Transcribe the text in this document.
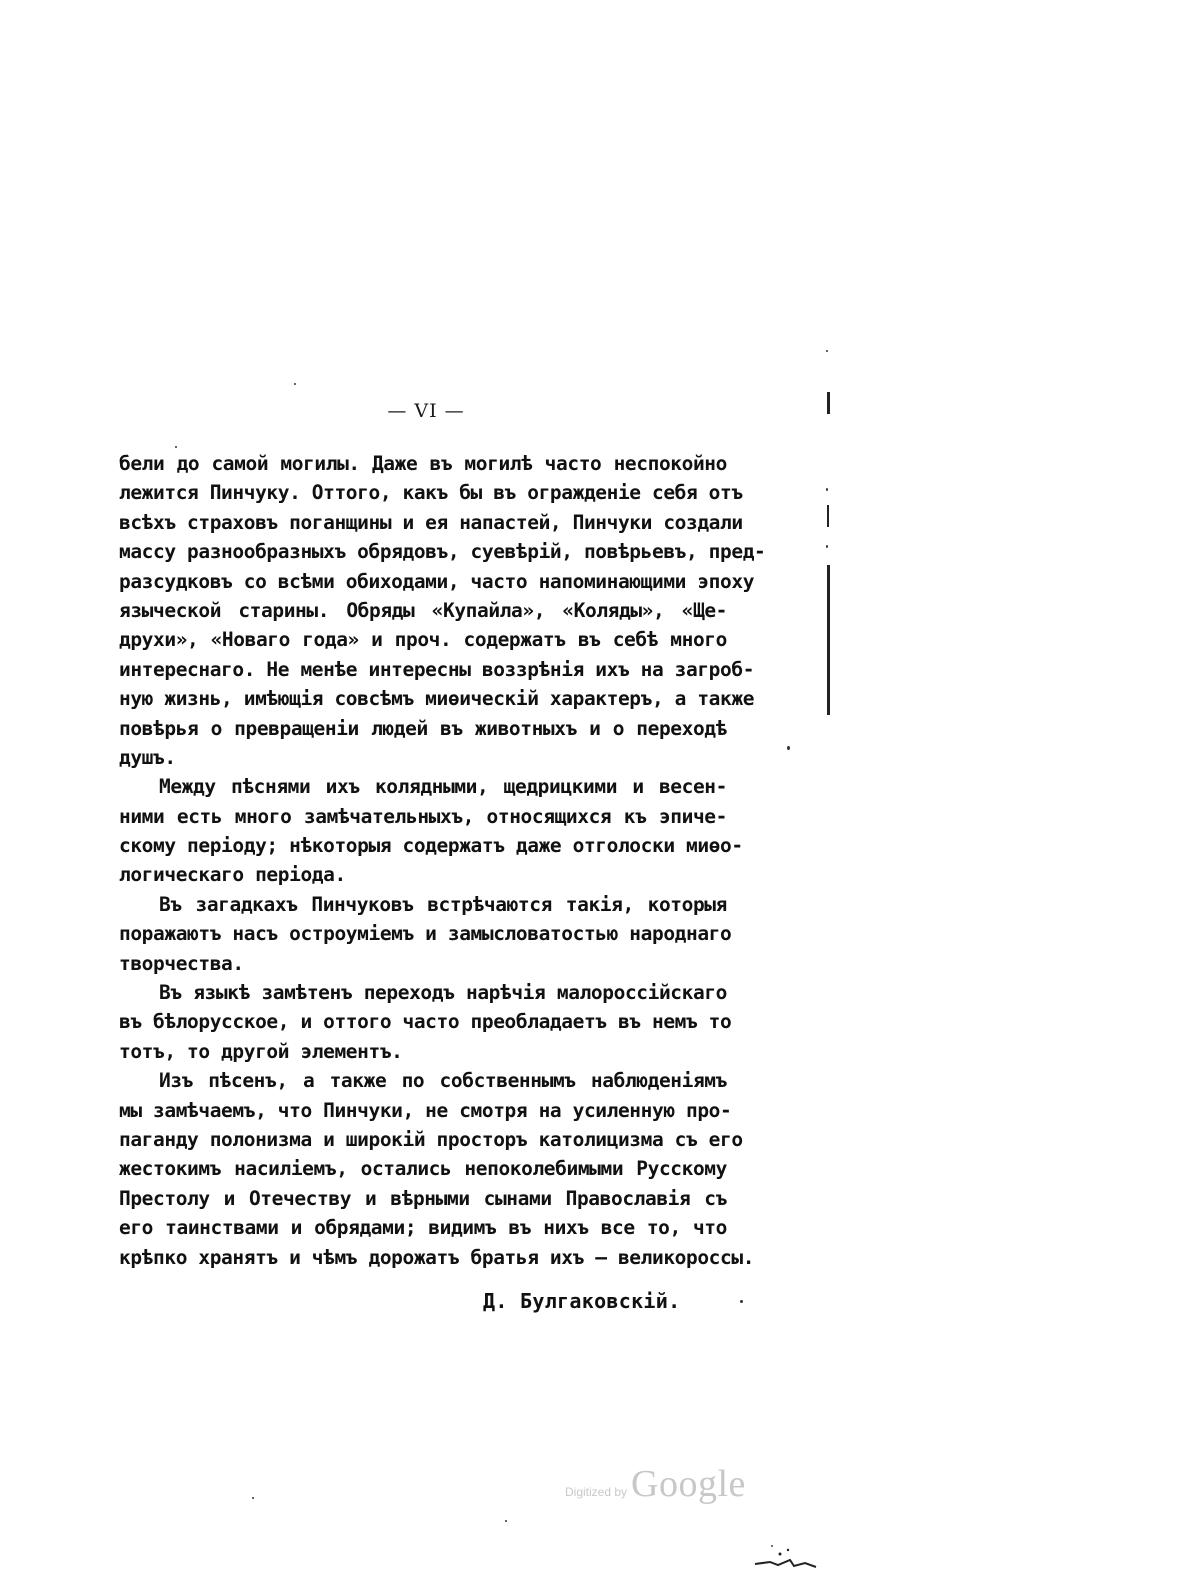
— VI —
бели до самой могилы. Даже въ могилѣ часто неспокойно
лежится Пинчуку. Оттого, какъ бы въ огражденіе себя отъ
всѣхъ страховъ поганщины и ея напастей, Пинчуки создали
массу разнообразныхъ обрядовъ, суевѣрій, повѣрьевъ, пред-
разсудковъ со всѣми обиходами, часто напоминающими эпоху
языческой старины. Обряды «Купайла», «Коляды», «Ще-
друхи», «Новаго года» и проч. содержатъ въ себѣ много
интереснаго. Не менѣе интересны воззрѣнія ихъ на загроб-
ную жизнь, имѣющія совсѣмъ миѳическій характеръ, а также
повѣрья о превращеніи людей въ животныхъ и о переходѣ
душъ.
Между пѣснями ихъ колядными, щедрицкими и весен-
ними есть много замѣчательныхъ, относящихся къ эпиче-
скому періоду; нѣкоторыя содержатъ даже отголоски миѳо-
логическаго періода.
Въ загадкахъ Пинчуковъ встрѣчаются такія, которыя
поражаютъ насъ остроуміемъ и замысловатостью народнаго
творчества.
Въ языкѣ замѣтенъ переходъ нарѣчія малороссійскаго
въ бѣлорусское, и оттого часто преобладаетъ въ немъ то
тотъ, то другой элементъ.
Изъ пѣсенъ, а также по собственнымъ наблюденіямъ
мы замѣчаемъ, что Пинчуки, не смотря на усиленную про-
паганду полонизма и широкій просторъ католицизма съ его
жестокимъ насиліемъ, остались непоколебимыми Русскому
Престолу и Отечеству и вѣрными сынами Православія съ
его таинствами и обрядами; видимъ въ нихъ все то, что
крѣпко хранятъ и чѣмъ дорожатъ братья ихъ — великороссы.
Д. Булгаковскій.
Digitized by Google
